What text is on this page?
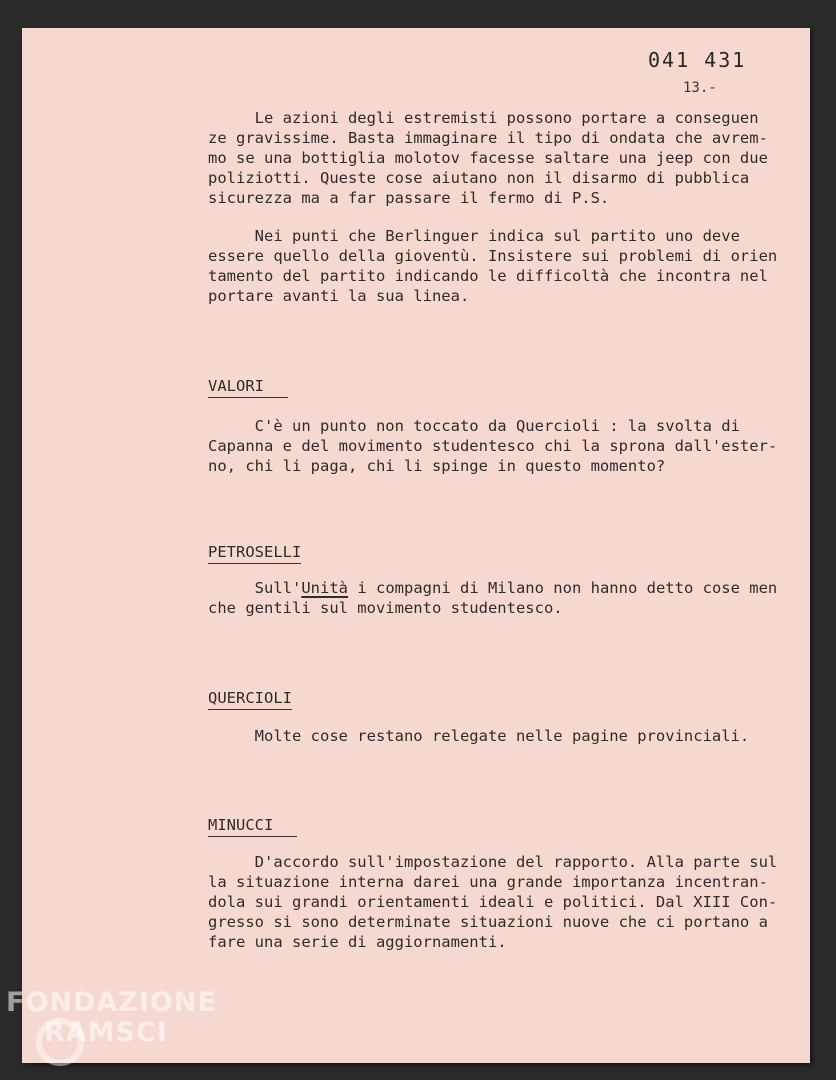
041 431
13.-

Le azioni degli estremisti possono portare a conseguen

ze gravissime. Basta immaginare il tipo di ondata che avrem-

mo se una bottiglia molotov facesse saltare una jeep con due

poliziotti. Queste cose aiutano non il disarmo di pubblica

sicurezza ma a far passare il fermo di P.S.

Nei punti che Berlinguer indica sul partito uno deve

essere quello della gioventù. Insistere sui problemi di orien

tamento del partito indicando le difficoltà che incontra nel

portare avanti la sua linea.

VALORI

C'è un punto non toccato da Quercioli : la svolta di

Capanna e del movimento studentesco chi la sprona dall'ester-

no, chi li paga, chi li spinge in questo momento?

PETROSELLI

Sull'Unità i compagni di Milano non hanno detto cose men

che gentili sul movimento studentesco.

QUERCIOLI

Molte cose restano relegate nelle pagine provinciali.

MINUCCI

D'accordo sull'impostazione del rapporto. Alla parte sul

la situazione interna darei una grande importanza incentran-

dola sui grandi orientamenti ideali e politici. Dal XIII Con-

gresso si sono determinate situazioni nuove che ci portano a

fare una serie di aggiornamenti.

FONDAZIONE
RAMSCI
